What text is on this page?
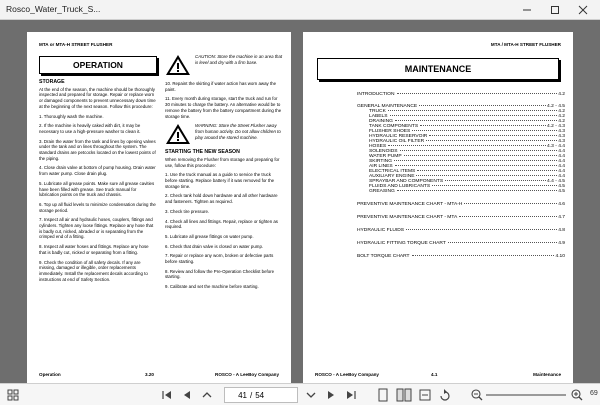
Rosco_Water_Truck_S...
MTA or MTA-H STREET FLUSHER
OPERATION
STORAGE

At the end of the season, the machine should be thoroughly inspected and prepared for storage. Repair or replace worn or damaged components to prevent unnecessary down time at the beginning of the next season. Follow this procedure:

1. Thoroughly wash the machine.

2. If the machine is heavily caked with dirt, it may be necessary to use a high-pressure washer to clean it.

3. Drain the water from the tank and lines by opening valves under the tank and on lines throughout the system. The standard drains are petcocks located on the lowest points of the piping.

4. Close drain valve at bottom of pump housing. Drain water from water pump. Close drain plug.

5. Lubricate all grease points. Make sure all grease cavities have been filled with grease. See truck manual for lubrication points on the truck and chassis.

6. Top up all fluid levels to minimize condensation during the storage period.

7. Inspect all air and hydraulic hoses, couplers, fittings and cylinders. Tighten any loose fittings. Replace any hose that is badly cut, nicked, abraded or is separating from the crimped end of a fitting.

8. Inspect all water hoses and fittings. Replace any hose that is badly cut, nicked or separating from a fitting.

9. Check the condition of all safety decals. If any are missing, damaged or illegible, order replacements immediately. Install the replacement decals according to instructions at end of Safety Section.

CAUTION: Store the machine in an area that is level and dry with a firm base.

10. Repaint the skirting if water action has worn away the paint.

11. Every month during storage, start the truck and run for 30 minutes to charge the battery. An alternative would be to remove the battery from the battery compartment during the storage time.

WARNING: Store the Street Flusher away from human activity. Do not allow children to play around the stored machine.
STARTING THE NEW SEASON

When removing the Flusher from storage and preparing for use, follow this procedure:

1. Use the truck manual as a guide to service the truck before starting. Replace battery if it was removed for the storage time.

2. Check tank hold down hardware and all other hardware and fasteners. Tighten as required.

3. Check tire pressure.

4. Check all lines and fittings. Repair, replace or tighten as required.

5. Lubricate all grease fittings on water pump.

6. Check that drain valve is closed on water pump.

7. Repair or replace any worn, broken or defective parts before starting.

8. Review and follow the Pre-Operation Checklist before starting.

9. Calibrate and set the machine before starting.

Operation	3.20	ROSCO - A LeeBoy Company
MTA / MTA-H STREET FLUSHER
MAINTENANCE
INTRODUCTION	4.2
GENERAL MAINTENANCE	4.2 - 4.5
TRUCK	4.2
LABELS	4.2
DRAINING	4.2
TANK COMPONENTS	4.2 - 4.3
FLUSHER SHOES	4.3
HYDRAULIC RESERVOIR	4.3
HYDRAULIC OIL FILTER	4.3
HOSES	4.3 - 4.4
SOLENOIDS	4.4
WATER PUMP	4.4
SKIRTING	4.4
AIR LINES	4.4
ELECTRICAL ITEMS	4.4
AUXILIARY ENGINE	4.4
SPRAYBAR AND COMPONENTS	4.4 - 4.5
FLUIDS AND LUBRICANTS	4.5
GREASING	4.5
PREVENTIVE MAINTENANCE CHART - MTA-H	4.6
PREVENTIVE MAINTENANCE CHART - MTA	4.7
HYDRAULIC FLUIDS	4.8
HYDRAULIC FITTING TORQUE CHART	4.9
BOLT TORQUE CHART	4.10
ROSCO - A LeeBoy Company	4.1	Maintenance
41 / 54	69
